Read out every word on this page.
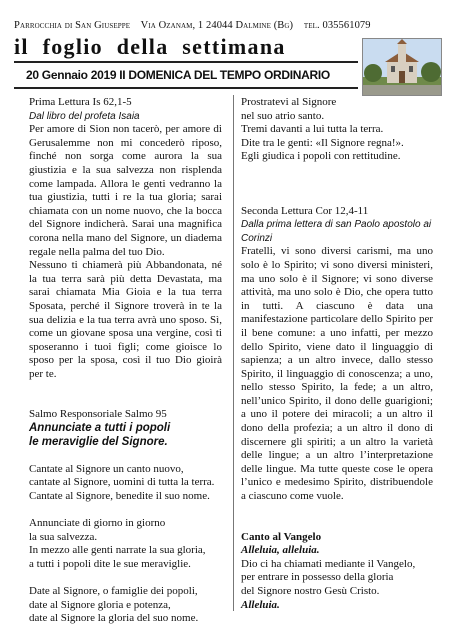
Parrocchia di San Giuseppe Via Ozanam, 1 24044 Dalmine (Bg) tel. 035561079
il foglio della settimana
20 Gennaio 2019 II DOMENICA DEL TEMPO ORDINARIO
Prima Lettura Is 62,1-5
Dal libro del profeta Isaia
Per amore di Sion non tacerò, per amore di Gerusalemme non mi concederò riposo, finché non sorga come aurora la sua giustizia e la sua salvezza non risplenda come lampada. Allora le genti vedranno la tua giustizia, tutti i re la tua gloria; sarai chiamata con un nome nuovo, che la bocca del Signore indicherà. Sarai una magnifica corona nella mano del Signore, un diadema regale nella palma del tuo Dio.
Nessuno ti chiamerà più Abbandonata, né la tua terra sarà più detta Devastata, ma sarai chiamata Mia Gioia e la tua terra Sposata, perché il Signore troverà in te la sua delizia e la tua terra avrà uno sposo. Sì, come un giovane sposa una vergine, così ti sposeranno i tuoi figli; come gioisce lo sposo per la sposa, così il tuo Dio gioirà per te.
Salmo Responsoriale Salmo 95
Annunciate a tutti i popoli
le meraviglie del Signore.
Cantate al Signore un canto nuovo,
cantate al Signore, uomini di tutta la terra.
Cantate al Signore, benedite il suo nome.
Annunciate di giorno in giorno
la sua salvezza.
In mezzo alle genti narrate la sua gloria,
a tutti i popoli dite le sue meraviglie.
Date al Signore, o famiglie dei popoli,
date al Signore gloria e potenza,
date al Signore la gloria del suo nome.
Prostratevi al Signore
nel suo atrio santo.
Tremi davanti a lui tutta la terra.
Dite tra le genti: «Il Signore regna!».
Egli giudica i popoli con rettitudine.
Seconda Lettura Cor 12,4-11
Dalla prima lettera di san Paolo apostolo ai Corinzi
Fratelli, vi sono diversi carismi, ma uno solo è lo Spirito; vi sono diversi ministeri, ma uno solo è il Signore; vi sono diverse attività, ma uno solo è Dio, che opera tutto in tutti. A ciascuno è data una manifestazione particolare dello Spirito per il bene comune: a uno infatti, per mezzo dello Spirito, viene dato il linguaggio di sapienza; a un altro invece, dallo stesso Spirito, il linguaggio di conoscenza; a uno, nello stesso Spirito, la fede; a un altro, nell’unico Spirito, il dono delle guarigioni; a uno il potere dei miracoli; a un altro il dono della profezia; a un altro il dono di discernere gli spiriti; a un altro la varietà delle lingue; a un altro l’interpretazione delle lingue. Ma tutte queste cose le opera l’unico e medesimo Spirito, distribuendole a ciascuno come vuole.
Canto al Vangelo
Alleluia, alleluia.
Dio ci ha chiamati mediante il Vangelo,
per entrare in possesso della gloria
del Signore nostro Gesù Cristo.
Alleluia.
